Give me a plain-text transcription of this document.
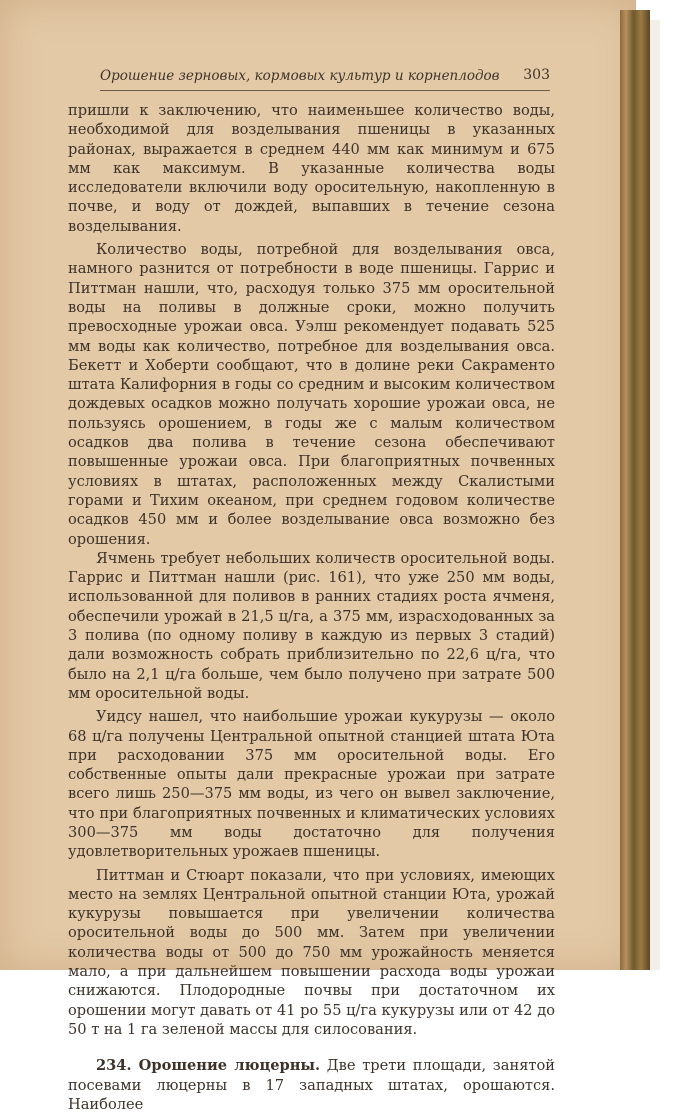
Орошение зерновых, кормовых культур и корнеплодов 303

пришли к заключению, что наименьшее количество воды, необходимой для возделывания пшеницы в указанных районах, выражается в среднем 440 мм как минимум и 675 мм как максимум. В указанные количества воды исследователи включили воду оросительную, накопленную в почве, и воду от дождей, выпавших в течение сезона возделывания.

Количество воды, потребной для возделывания овса, намного разнится от потребности в воде пшеницы. Гаррис и Питтман нашли, что, расходуя только 375 мм оросительной воды на поливы в должные сроки, можно получить превосходные урожаи овса. Уэлш рекомендует подавать 525 мм воды как количество, потребное для возделывания овса. Бекетт и Хоберти сообщают, что в долине реки Сакраменто штата Калифорния в годы со средним и высоким количеством дождевых осадков можно получать хорошие урожаи овса, не пользуясь орошением, в годы же с малым количеством осадков два полива в течение сезона обеспечивают повышенные урожаи овса. При благоприятных почвенных условиях в штатах, расположенных между Скалистыми горами и Тихим океаном, при среднем годовом количестве осадков 450 мм и более возделывание овса возможно без орошения.

Ячмень требует небольших количеств оросительной воды. Гаррис и Питтман нашли (рис. 161), что уже 250 мм воды, использованной для поливов в ранних стадиях роста ячменя, обеспечили урожай в 21,5 ц/га, а 375 мм, израсходованных за 3 полива (по одному поливу в каждую из первых 3 стадий) дали возможность собрать приблизительно по 22,6 ц/га, что было на 2,1 ц/га больше, чем было получено при затрате 500 мм оросительной воды.

Уидсу нашел, что наибольшие урожаи кукурузы — около 68 ц/га получены Центральной опытной станцией штата Юта при расходовании 375 мм оросительной воды. Его собственные опыты дали прекрасные урожаи при затрате всего лишь 250—375 мм воды, из чего он вывел заключение, что при благоприятных почвенных и климатических условиях 300—375 мм воды достаточно для получения удовлетворительных урожаев пшеницы.

Питтман и Стюарт показали, что при условиях, имеющих место на землях Центральной опытной станции Юта, урожай кукурузы повышается при увеличении количества оросительной воды до 500 мм. Затем при увеличении количества воды от 500 до 750 мм урожайность меняется мало, а при дальнейшем повышении расхода воды урожаи снижаются. Плодородные почвы при достаточном их орошении могут давать от 41 ро 55 ц/га кукурузы или от 42 до 50 т на 1 га зеленой массы для силосования.

234. Орошение люцерны. Две трети площади, занятой посевами люцерны в 17 западных штатах, орошаются. Наиболее
